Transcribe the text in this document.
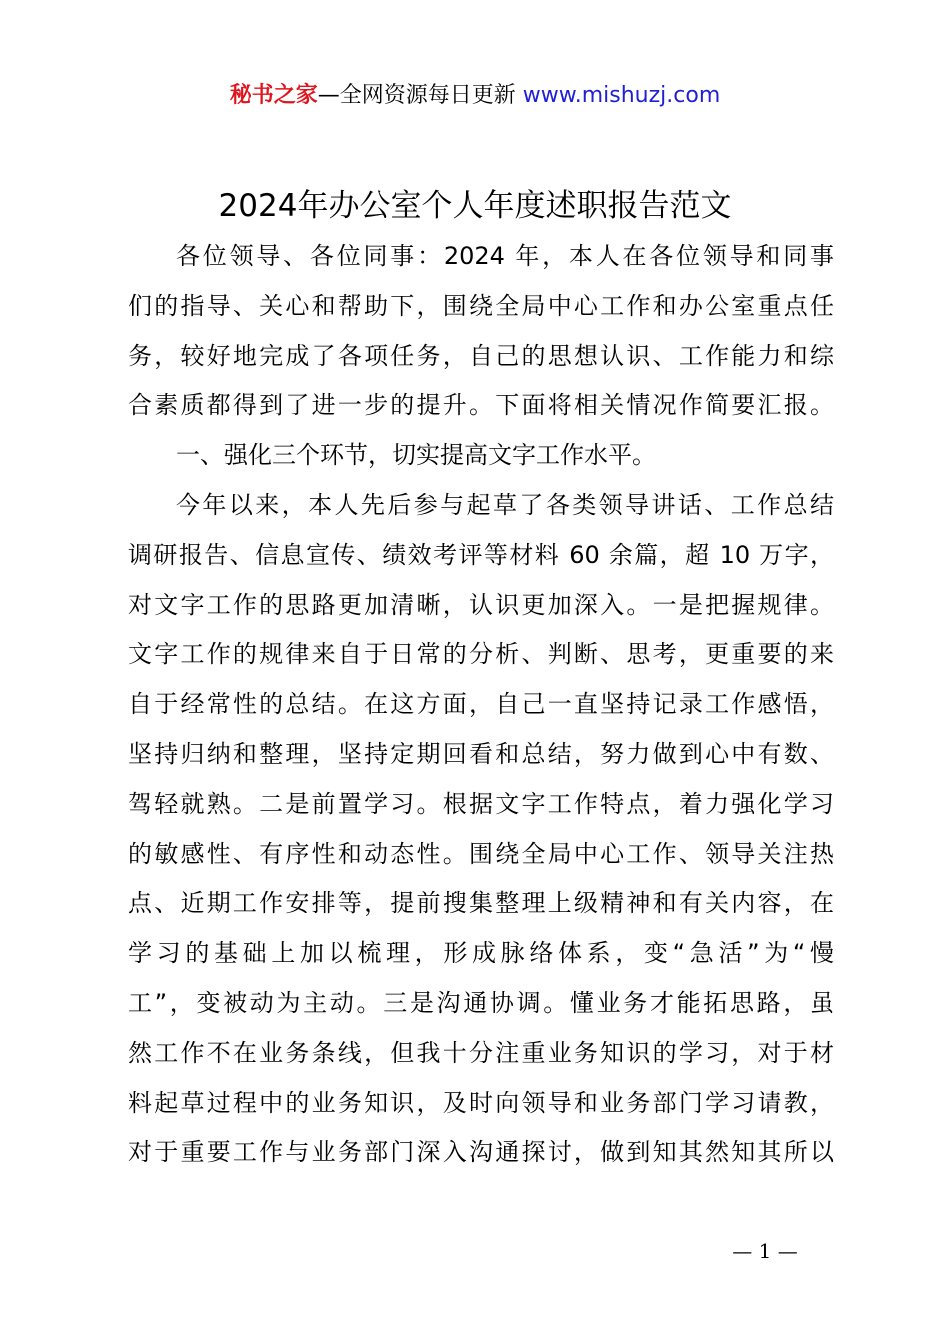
秘书之家—全网资源每日更新 www.mishuzj.com
2024年办公室个人年度述职报告范文
各位领导、各位同事：2024 年，本人在各位领导和同事
们的指导、关心和帮助下，围绕全局中心工作和办公室重点任
务，较好地完成了各项任务，自己的思想认识、工作能力和综
合素质都得到了进一步的提升。下面将相关情况作简要汇报。
一、强化三个环节，切实提高文字工作水平。
今年以来，本人先后参与起草了各类领导讲话、工作总结
调研报告、信息宣传、绩效考评等材料 60 余篇，超 10 万字，
对文字工作的思路更加清晰，认识更加深入。一是把握规律。
文字工作的规律来自于日常的分析、判断、思考，更重要的来
自于经常性的总结。在这方面，自己一直坚持记录工作感悟，
坚持归纳和整理，坚持定期回看和总结，努力做到心中有数、
驾轻就熟。二是前置学习。根据文字工作特点，着力强化学习
的敏感性、有序性和动态性。围绕全局中心工作、领导关注热
点、近期工作安排等，提前搜集整理上级精神和有关内容，在
学习的基础上加以梳理，形成脉络体系，变“急活”为“慢
工”，变被动为主动。三是沟通协调。懂业务才能拓思路，虽
然工作不在业务条线，但我十分注重业务知识的学习，对于材
料起草过程中的业务知识，及时向领导和业务部门学习请教，
对于重要工作与业务部门深入沟通探讨，做到知其然知其所以
— 1 —
